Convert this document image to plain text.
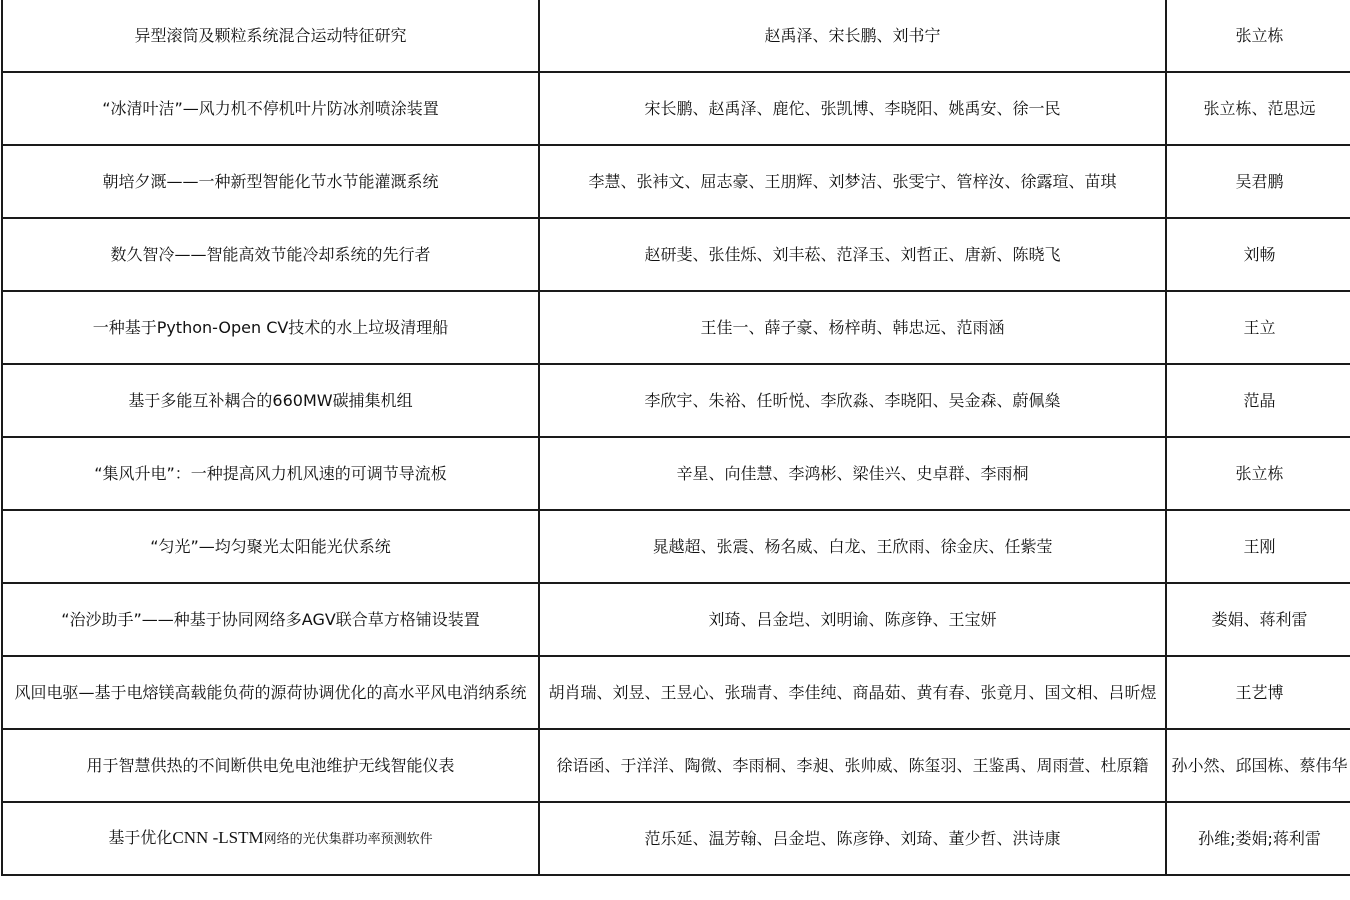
异型滚筒及颗粒系统混合运动特征研究	赵禹泽、宋长鹏、刘书宁	张立栋
“冰清叶洁”—风力机不停机叶片防冰剂喷涂装置	宋长鹏、赵禹泽、鹿佗、张凯博、李晓阳、姚禹安、徐一民	张立栋、范思远
朝培夕溉——一种新型智能化节水节能灌溉系统	李慧、张袆文、屈志豪、王朋辉、刘梦洁、张雯宁、管梓汝、徐露瑄、苗琪	吴君鹏
数久智冷——智能高效节能冷却系统的先行者	赵研斐、张佳烁、刘丰菘、范泽玉、刘哲正、唐新、陈晓飞	刘畅
一种基于Python-Open CV技术的水上垃圾清理船	王佳一、薛子豪、杨梓萌、韩忠远、范雨涵	王立
基于多能互补耦合的660MW碳捕集机组	李欣宇、朱裕、任昕悦、李欣淼、李晓阳、吴金森、蔚佩燊	范晶
“集风升电”：一种提高风力机风速的可调节导流板	辛星、向佳慧、李鸿彬、梁佳兴、史卓群、李雨桐	张立栋
“匀光”—均匀聚光太阳能光伏系统	晁越超、张震、杨名威、白龙、王欣雨、徐金庆、任紫莹	王刚
“治沙助手”——种基于协同网络多AGV联合草方格铺设装置	刘琦、吕金垲、刘明谕、陈彦铮、王宝妍	娄娟、蒋利雷
风回电驱—基于电熔镁高载能负荷的源荷协调优化的高水平风电消纳系统	胡肖瑞、刘昱、王昱心、张瑞青、李佳纯、商晶茹、黄有春、张竟月、国文相、吕昕煜	王艺博
用于智慧供热的不间断供电免电池维护无线智能仪表	徐语函、于洋洋、陶微、李雨桐、李昶、张帅威、陈玺羽、王鉴禹、周雨萱、杜原籍	孙小然、邱国栋、蔡伟华
基于优化CNN -LSTM网络的光伏集群功率预测软件	范乐延、温芳翰、吕金垲、陈彦铮、刘琦、董少哲、洪诗康	孙维;娄娟;蒋利雷
